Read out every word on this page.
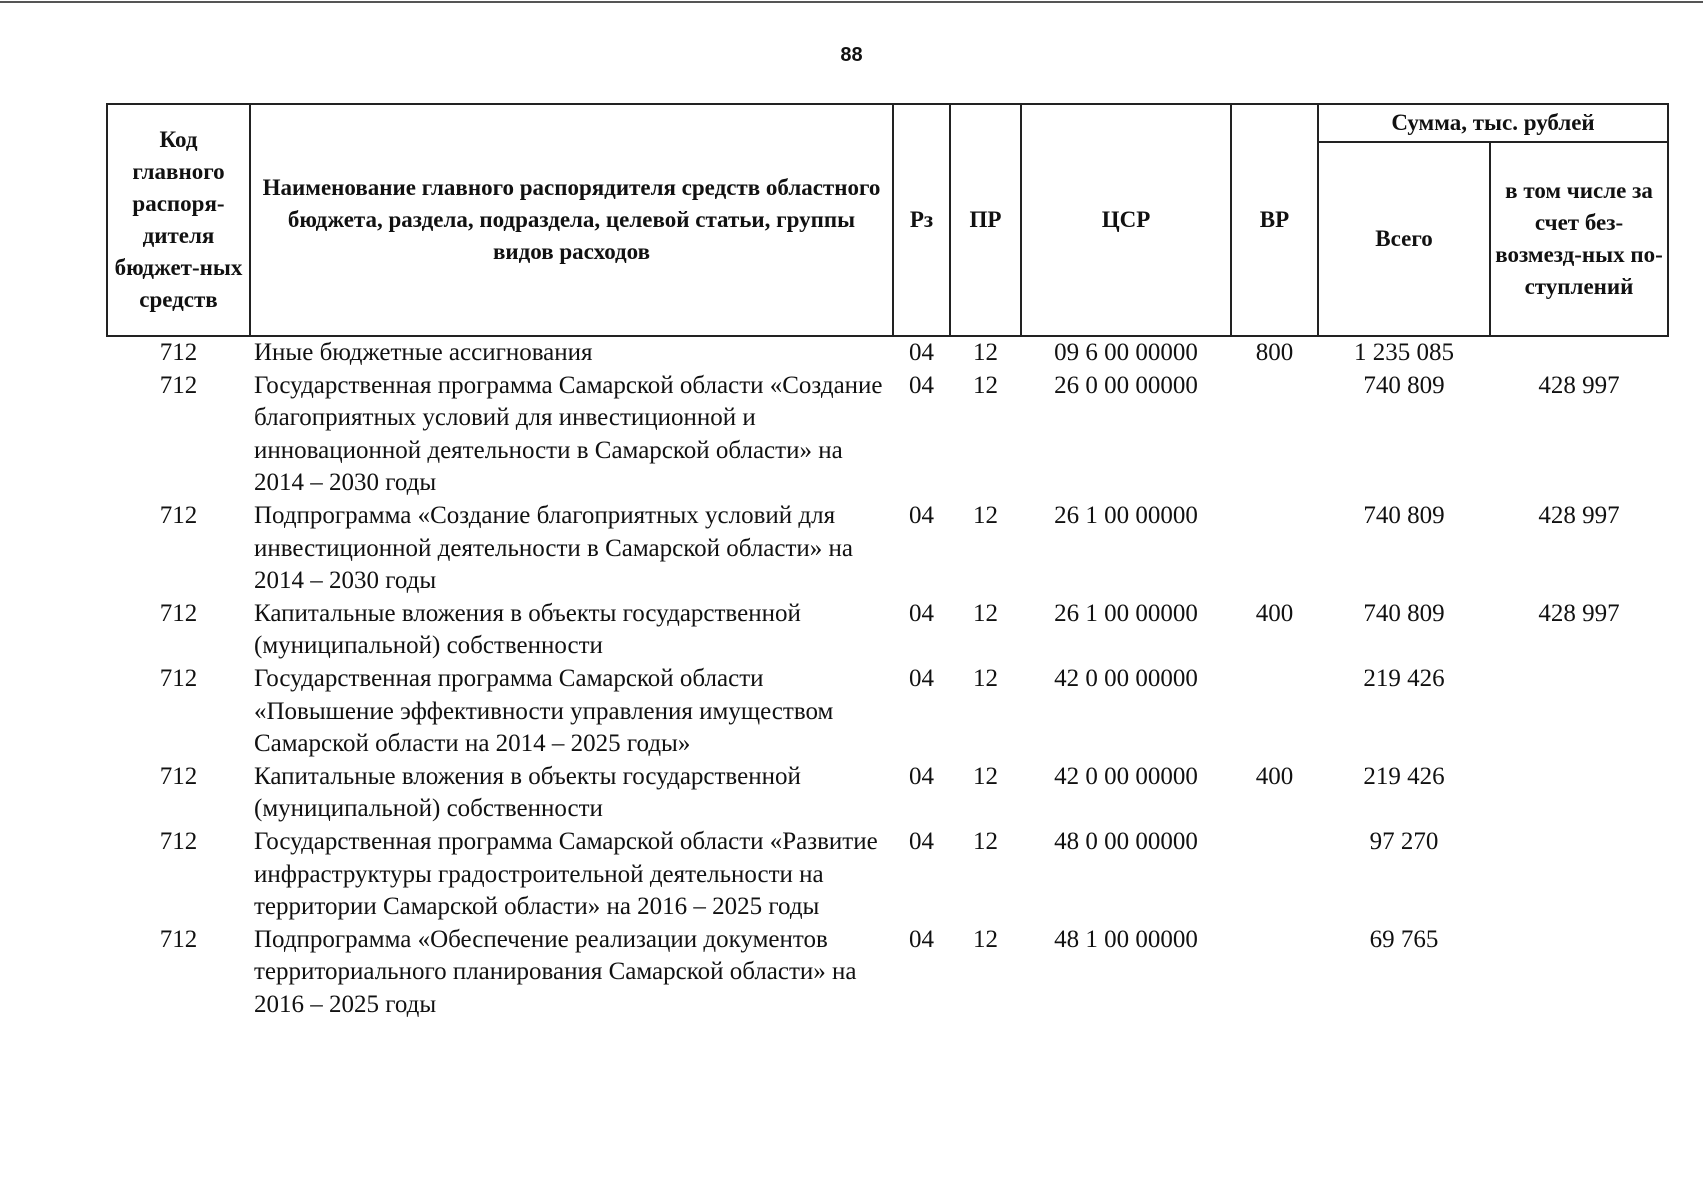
88
Код главного распоря-дителя бюджет-ных средств	Наименование главного распорядителя средств областного бюджета, раздела, подраздела, целевой статьи, группы видов расходов	Рз	ПР	ЦСР	ВР	Сумма, тыс. рублей	
						Всего	в том числе за счет без-возмезд-ных по-ступлений
712	Иные бюджетные ассигнования	04	12	09 6 00 00000	800	1 235 085	
712	Государственная программа Самарской области «Создание благоприятных условий для инвестиционной и инновационной деятельности в Самарской области» на 2014 – 2030 годы	04	12	26 0 00 00000		740 809	428 997
712	Подпрограмма «Создание благоприятных условий для инвестиционной деятельности в Самарской области» на 2014 – 2030 годы	04	12	26 1 00 00000		740 809	428 997
712	Капитальные вложения в объекты государственной (муниципальной) собственности	04	12	26 1 00 00000	400	740 809	428 997
712	Государственная программа Самарской области «Повышение эффективности управления имуществом Самарской области на 2014 – 2025 годы»	04	12	42 0 00 00000		219 426	
712	Капитальные вложения в объекты государственной (муниципальной) собственности	04	12	42 0 00 00000	400	219 426	
712	Государственная программа Самарской области «Развитие инфраструктуры градостроительной деятельности на территории Самарской области» на 2016 – 2025 годы	04	12	48 0 00 00000		97 270	
712	Подпрограмма «Обеспечение реализации документов территориального планирования Самарской области» на 2016 – 2025 годы	04	12	48 1 00 00000		69 765	
